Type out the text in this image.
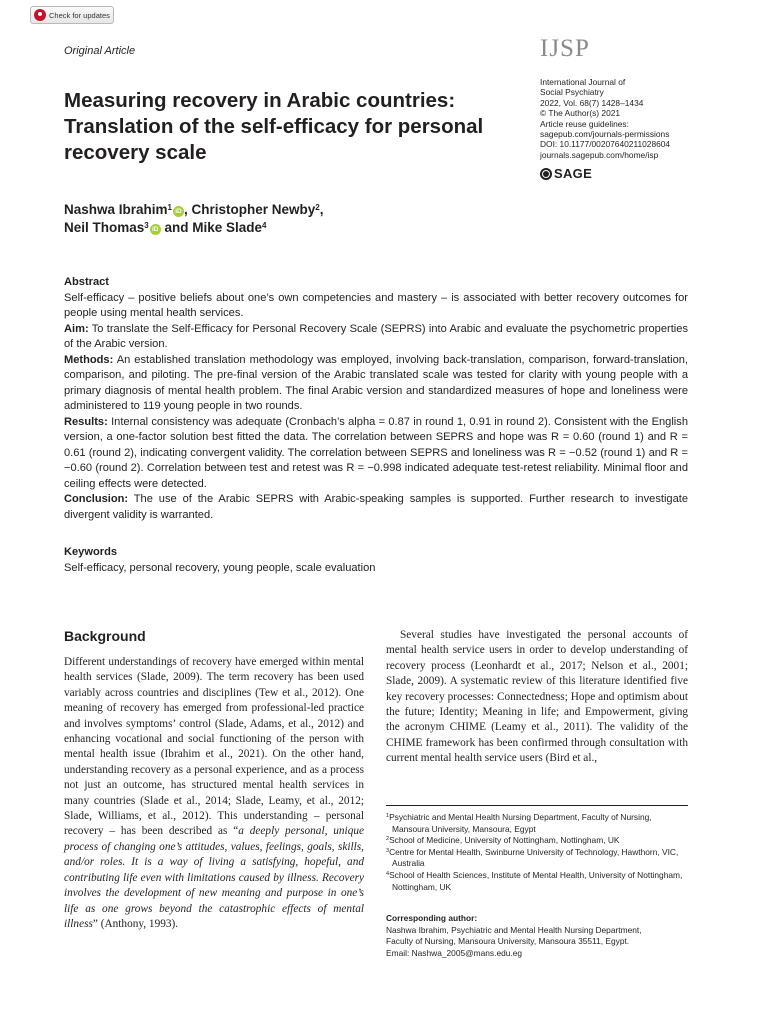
Check for updates
Original Article	IJSP
International Journal of
Social Psychiatry
2022, Vol. 68(7) 1428–1434
© The Author(s) 2021
Article reuse guidelines:
sagepub.com/journals-permissions
DOI: 10.1177/00207640211028604
journals.sagepub.com/home/isp
SAGE
Measuring recovery in Arabic countries: Translation of the self-efficacy for personal recovery scale
Nashwa Ibrahim$^1$ iD , Christopher Newby$^2$,
Neil Thomas$^3$ iD and Mike Slade$^4$

Abstract

Self-efficacy – positive beliefs about one’s own competencies and mastery – is associated with better recovery outcomes for people using mental health services.

Aim: To translate the Self-Efficacy for Personal Recovery Scale (SEPRS) into Arabic and evaluate the psychometric properties of the Arabic version.

Methods: An established translation methodology was employed, involving back-translation, comparison, forward-translation, comparison, and piloting. The pre-final version of the Arabic translated scale was tested for clarity with young people with a primary diagnosis of mental health problem. The final Arabic version and standardized measures of hope and loneliness were administered to 119 young people in two rounds.

Results: Internal consistency was adequate (Cronbach’s alpha = 0.87 in round 1, 0.91 in round 2). Consistent with the English version, a one-factor solution best fitted the data. The correlation between SEPRS and hope was R = 0.60 (round 1) and R = 0.61 (round 2), indicating convergent validity. The correlation between SEPRS and loneliness was R = −0.52 (round 1) and R = −0.60 (round 2). Correlation between test and retest was R = −0.998 indicated adequate test-retest reliability. Minimal floor and ceiling effects were detected.

Conclusion: The use of the Arabic SEPRS with Arabic-speaking samples is supported. Further research to investigate divergent validity is warranted.

Keywords

Self-efficacy, personal recovery, young people, scale evaluation

Background
Different understandings of recovery have emerged within mental health services (Slade, 2009). The term recovery has been used variably across countries and disciplines (Tew et al., 2012). One meaning of recovery has emerged from professional-led practice and involves symptoms’ control (Slade, Adams, et al., 2012) and enhancing vocational and social functioning of the person with mental health issue (Ibrahim et al., 2021). On the other hand, understanding recovery as a personal experience, and as a process not just an outcome, has structured mental health services in many countries (Slade et al., 2014; Slade, Leamy, et al., 2012; Slade, Williams, et al., 2012). This understanding – personal recovery – has been described as “a deeply personal, unique process of changing one’s attitudes, values, feelings, goals, skills, and/or roles. It is a way of living a satisfying, hopeful, and contributing life even with limitations caused by illness. Recovery involves the development of new meaning and purpose in one’s life as one grows beyond the catastrophic effects of mental illness” (Anthony, 1993).
Several studies have investigated the personal accounts of mental health service users in order to develop understanding of recovery process (Leonhardt et al., 2017; Nelson et al., 2001; Slade, 2009). A systematic review of this literature identified five key recovery processes: Connectedness; Hope and optimism about the future; Identity; Meaning in life; and Empowerment, giving the acronym CHIME (Leamy et al., 2011). The validity of the CHIME framework has been confirmed through consultation with current mental health service users (Bird et al.,
$^1$Psychiatric and Mental Health Nursing Department, Faculty of Nursing, Mansoura University, Mansoura, Egypt
$^2$School of Medicine, University of Nottingham, Nottingham, UK
$^3$Centre for Mental Health, Swinburne University of Technology, Hawthorn, VIC, Australia
$^4$School of Health Sciences, Institute of Mental Health, University of Nottingham, Nottingham, UK
Corresponding author:
Nashwa Ibrahim, Psychiatric and Mental Health Nursing Department,
Faculty of Nursing, Mansoura University, Mansoura 35511, Egypt.
Email: Nashwa_2005@mans.edu.eg
